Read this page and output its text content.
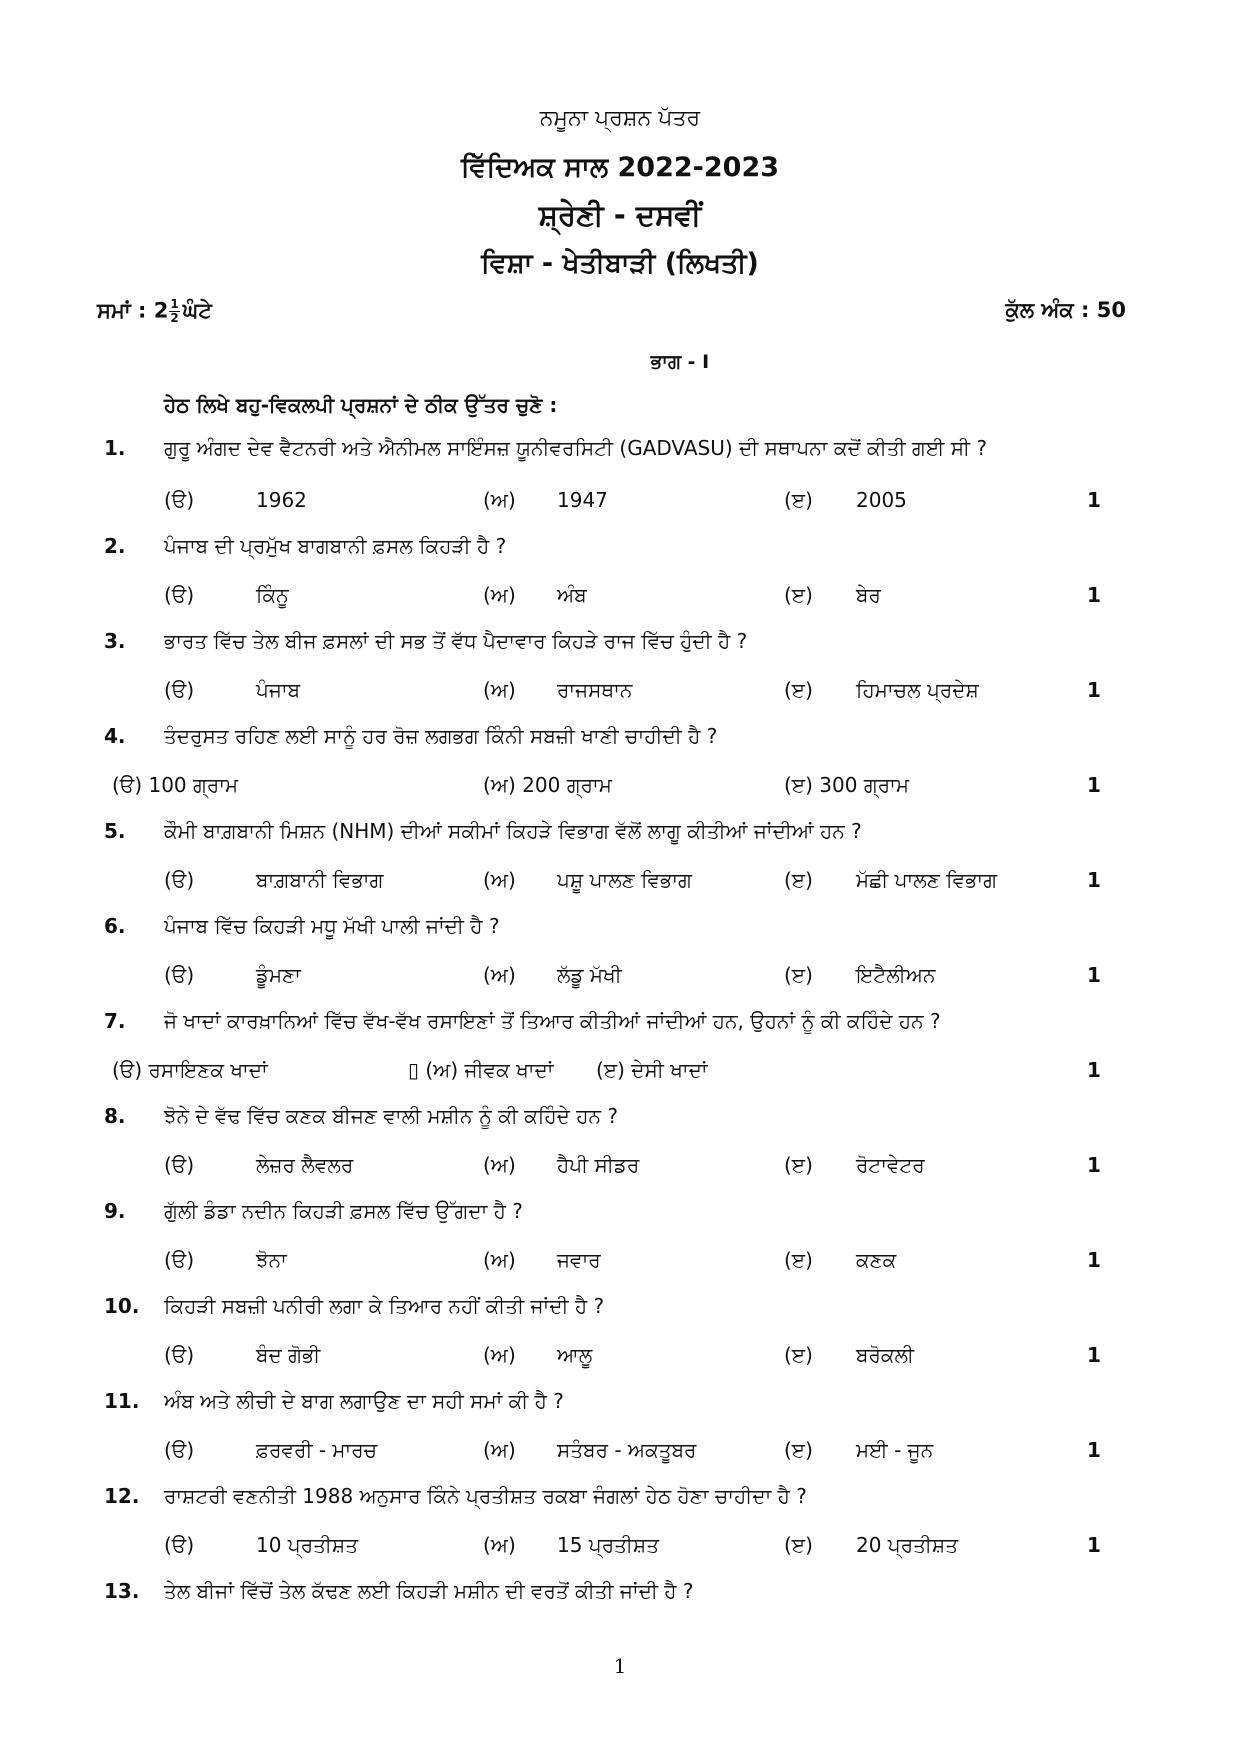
ਨਮੂਨਾ ਪ੍ਰਸ਼ਨ ਪੱਤਰ
ਵਿੱਦਿਅਕ ਸਾਲ 2022-2023
ਸ਼੍ਰੇਣੀ - ਦਸਵੀਂ
ਵਿਸ਼ਾ - ਖੇਤੀਬਾੜੀ (ਲਿਖਤੀ)
ਸਮਾਂ : $2 \frac{1}{2}$ ਘੰਟੇ	ਕੁੱਲ ਅੰਕ : 50
ਭਾਗ - I
ਹੇਠ ਲਿਖੇ ਬਹੁ-ਵਿਕਲਪੀ ਪ੍ਰਸ਼ਨਾਂ ਦੇ ਠੀਕ ਉੱਤਰ ਚੁਣੋ :
1. ਗੁਰੂ ਅੰਗਦ ਦੇਵ ਵੈਟਨਰੀ ਅਤੇ ਐਨੀਮਲ ਸਾਇੰਸਜ਼ ਯੂਨੀਵਰਸਿਟੀ (GADVASU) ਦੀ ਸਥਾਪਨਾ ਕਦੋਂ ਕੀਤੀ ਗਈ ਸੀ ?
(ੳ)	1962	(ਅ) 1947	(ੲ) 2005	1
2. ਪੰਜਾਬ ਦੀ ਪ੍ਰਮੁੱਖ ਬਾਗਬਾਨੀ ਫ਼ਸਲ ਕਿਹੜੀ ਹੈ ?
(ੳ)	ਕਿੰਨੂ	(ਅ) ਅੰਬ	(ੲ) ਬੇਰ	1
3. ਭਾਰਤ ਵਿੱਚ ਤੇਲ ਬੀਜ ਫ਼ਸਲਾਂ ਦੀ ਸਭ ਤੋਂ ਵੱਧ ਪੈਦਾਵਾਰ ਕਿਹੜੇ ਰਾਜ ਵਿੱਚ ਹੁੰਦੀ ਹੈ ?
(ੳ)	ਪੰਜਾਬ	(ਅ) ਰਾਜਸਥਾਨ	(ੲ) ਹਿਮਾਚਲ ਪ੍ਰਦੇਸ਼	1
4. ਤੰਦਰੁਸਤ ਰਹਿਣ ਲਈ ਸਾਨੂੰ ਹਰ ਰੋਜ਼ ਲਗਭਗ ਕਿੰਨੀ ਸਬਜ਼ੀ ਖਾਣੀ ਚਾਹੀਦੀ ਹੈ ?
(ੳ) 100 ਗ੍ਰਾਮ	(ਅ) 200 ਗ੍ਰਾਮ	(ੲ) 300 ਗ੍ਰਾਮ	1
5. ਕੌਮੀ ਬਾਗ਼ਬਾਨੀ ਮਿਸ਼ਨ (NHM) ਦੀਆਂ ਸਕੀਮਾਂ ਕਿਹੜੇ ਵਿਭਾਗ ਵੱਲੋਂ ਲਾਗੂ ਕੀਤੀਆਂ ਜਾਂਦੀਆਂ ਹਨ ?
(ੳ)	ਬਾਗ਼ਬਾਨੀ ਵਿਭਾਗ	(ਅ) ਪਸ਼ੂ ਪਾਲਣ ਵਿਭਾਗ	(ੲ) ਮੱਛੀ ਪਾਲਣ ਵਿਭਾਗ	1
6. ਪੰਜਾਬ ਵਿੱਚ ਕਿਹੜੀ ਮਧੂ ਮੱਖੀ ਪਾਲੀ ਜਾਂਦੀ ਹੈ ?
(ੳ)	ਡੂੰਮਣਾ	(ਅ) ਲੱਡੂ ਮੱਖੀ	(ੲ) ਇਟੈਲੀਅਨ	1
7. ਜੋ ਖਾਦਾਂ ਕਾਰਖ਼ਾਨਿਆਂ ਵਿੱਚ ਵੱਖ-ਵੱਖ ਰਸਾਇਣਾਂ ਤੋਂ ਤਿਆਰ ਕੀਤੀਆਂ ਜਾਂਦੀਆਂ ਹਨ, ਉਹਨਾਂ ਨੂੰ ਕੀ ਕਹਿੰਦੇ ਹਨ ?
(ੳ) ਰਸਾਇਣਕ ਖਾਦਾਂ	▯ (ਅ) ਜੀਵਕ ਖਾਦਾਂ (ੲ) ਦੇਸੀ ਖਾਦਾਂ	1
8. ਝੋਨੇ ਦੇ ਵੱਢ ਵਿੱਚ ਕਣਕ ਬੀਜਣ ਵਾਲੀ ਮਸ਼ੀਨ ਨੂੰ ਕੀ ਕਹਿੰਦੇ ਹਨ ?
(ੳ)	ਲੇਜ਼ਰ ਲੈਵਲਰ	(ਅ) ਹੈਪੀ ਸੀਡਰ	(ੲ) ਰੋਟਾਵੇਟਰ	1
9. ਗੁੱਲੀ ਡੰਡਾ ਨਦੀਨ ਕਿਹੜੀ ਫ਼ਸਲ ਵਿੱਚ ਉੱਗਦਾ ਹੈ ?
(ੳ)	ਝੋਨਾ	(ਅ) ਜਵਾਰ	(ੲ) ਕਣਕ	1
10. ਕਿਹੜੀ ਸਬਜ਼ੀ ਪਨੀਰੀ ਲਗਾ ਕੇ ਤਿਆਰ ਨਹੀਂ ਕੀਤੀ ਜਾਂਦੀ ਹੈ ?
(ੳ)	ਬੰਦ ਗੋਭੀ	(ਅ) ਆਲੂ	(ੲ) ਬਰੋਕਲੀ	1
11. ਅੰਬ ਅਤੇ ਲੀਚੀ ਦੇ ਬਾਗ ਲਗਾਉਣ ਦਾ ਸਹੀ ਸਮਾਂ ਕੀ ਹੈ ?
(ੳ)	ਫ਼ਰਵਰੀ - ਮਾਰਚ	(ਅ) ਸਤੰਬਰ - ਅਕਤੂਬਰ	(ੲ) ਮਈ - ਜੂਨ	1
12. ਰਾਸ਼ਟਰੀ ਵਣਨੀਤੀ 1988 ਅਨੁਸਾਰ ਕਿੰਨੇ ਪ੍ਰਤੀਸ਼ਤ ਰਕਬਾ ਜੰਗਲਾਂ ਹੇਠ ਹੋਣਾ ਚਾਹੀਦਾ ਹੈ ?
(ੳ)	10 ਪ੍ਰਤੀਸ਼ਤ	(ਅ) 15 ਪ੍ਰਤੀਸ਼ਤ	(ੲ) 20 ਪ੍ਰਤੀਸ਼ਤ	1
13. ਤੇਲ ਬੀਜਾਂ ਵਿੱਚੋਂ ਤੇਲ ਕੱਢਣ ਲਈ ਕਿਹੜੀ ਮਸ਼ੀਨ ਦੀ ਵਰਤੋਂ ਕੀਤੀ ਜਾਂਦੀ ਹੈ ?
1
